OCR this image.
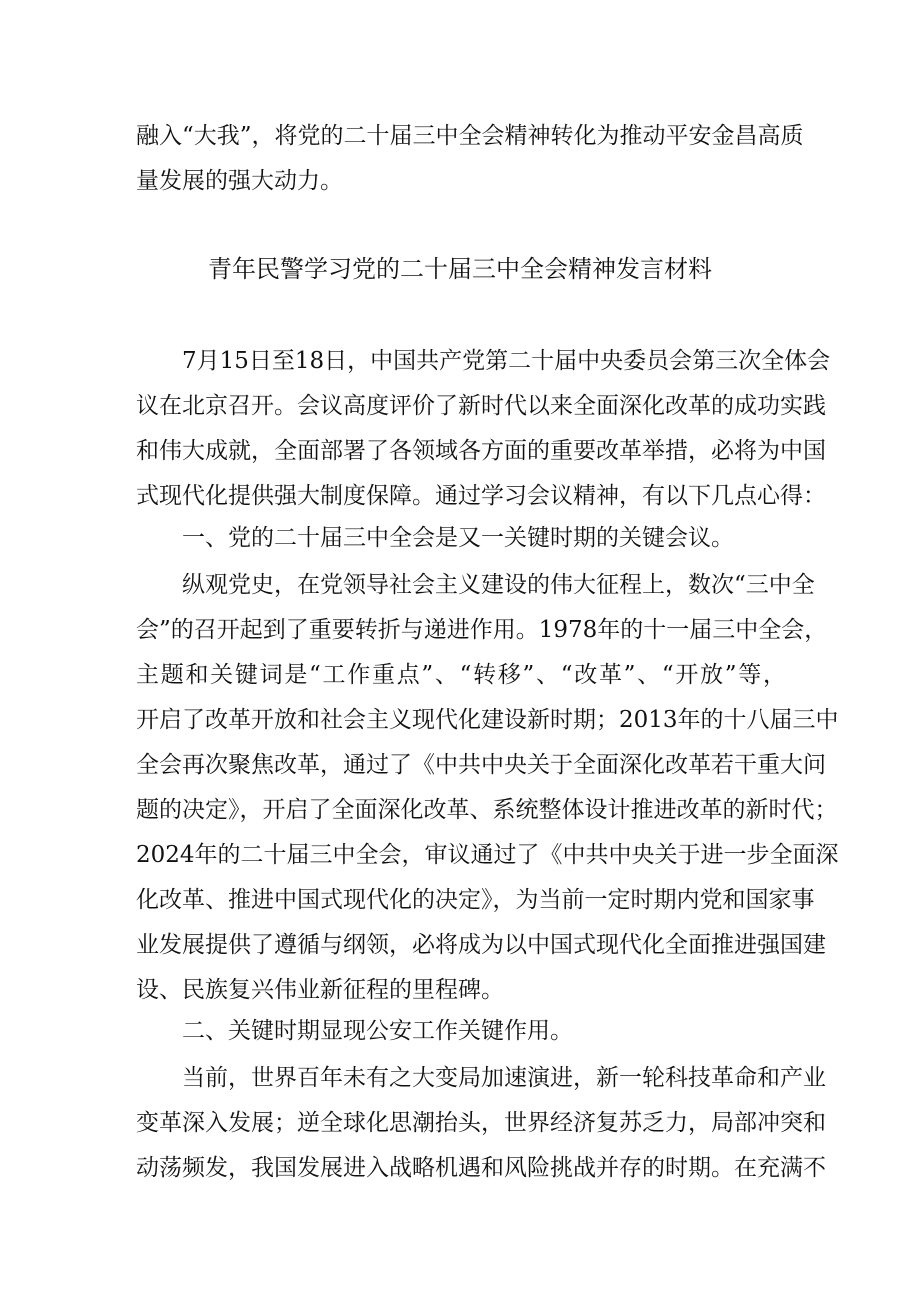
融入“大我”，将党的二十届三中全会精神转化为推动平安金昌高质
量发展的强大动力。
青年民警学习党的二十届三中全会精神发言材料
7月15日至18日，中国共产党第二十届中央委员会第三次全体会
议在北京召开。会议高度评价了新时代以来全面深化改革的成功实践
和伟大成就，全面部署了各领域各方面的重要改革举措，必将为中国
式现代化提供强大制度保障。通过学习会议精神，有以下几点心得：
一、党的二十届三中全会是又一关键时期的关键会议。
纵观党史，在党领导社会主义建设的伟大征程上，数次“三中全
会”的召开起到了重要转折与递进作用。1978年的十一届三中全会，
主题和关键词是“工作重点”、“转移”、“改革”、“开放”等，
开启了改革开放和社会主义现代化建设新时期；2013年的十八届三中
全会再次聚焦改革，通过了《中共中央关于全面深化改革若干重大问
题的决定》，开启了全面深化改革、系统整体设计推进改革的新时代；
2024年的二十届三中全会，审议通过了《中共中央关于进一步全面深
化改革、推进中国式现代化的决定》，为当前一定时期内党和国家事
业发展提供了遵循与纲领，必将成为以中国式现代化全面推进强国建
设、民族复兴伟业新征程的里程碑。
二、关键时期显现公安工作关键作用。
当前，世界百年未有之大变局加速演进，新一轮科技革命和产业
变革深入发展；逆全球化思潮抬头，世界经济复苏乏力，局部冲突和
动荡频发，我国发展进入战略机遇和风险挑战并存的时期。在充满不
